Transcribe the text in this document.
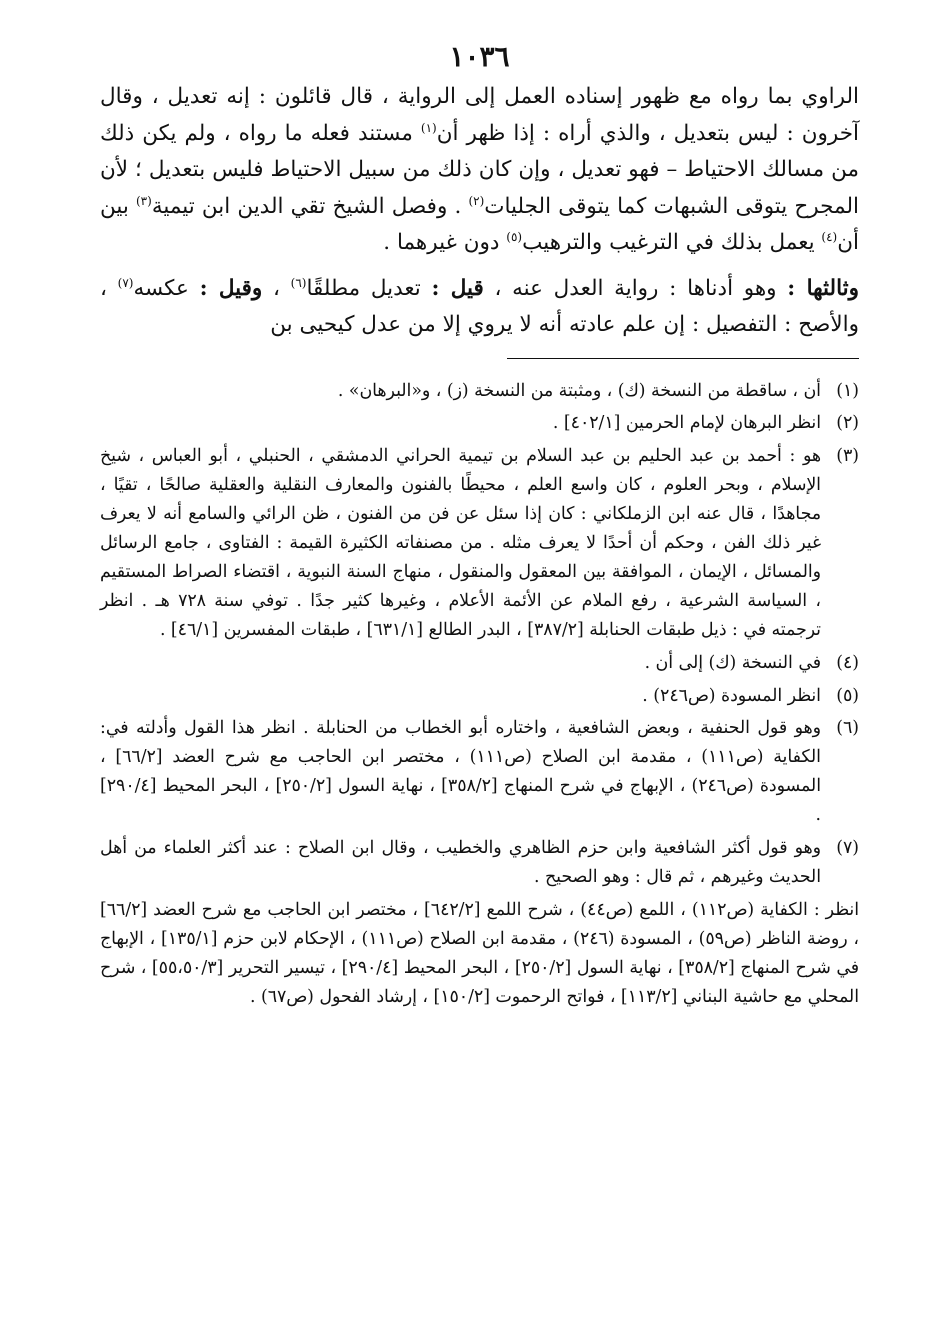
١٠٣٦

الراوي بما رواه مع ظهور إسناده العمل إلى الرواية ، قال قائلون : إنه تعديل ، وقال آخرون : ليس بتعديل ، والذي أراه : إذا ظهر أن$^{(١)}$ مستند فعله ما رواه ، ولم يكن ذلك من مسالك الاحتياط – فهو تعديل ، وإن كان ذلك من سبيل الاحتياط فليس بتعديل ؛ لأن المجرح يتوقى الشبهات كما يتوقى الجليات$^{(٢)}$ . وفصل الشيخ تقي الدين ابن تيمية$^{(٣)}$ بين أن$^{(٤)}$ يعمل بذلك في الترغيب والترهيب$^{(٥)}$ دون غيرهما .

وثالثها : وهو أدناها : رواية العدل عنه ، قيل : تعديل مطلقًا$^{(٦)}$ ، وقيل : عكسه$^{(٧)}$ ، والأصح : التفصيل : إن علم عادته أنه لا يروي إلا من عدل كيحيى بن

(١)أن ، ساقطة من النسخة (ك) ، ومثبتة من النسخة (ز) ، و«البرهان» .
(٢)انظر البرهان لإمام الحرمين [٤٠٢/١] .
(٣)هو : أحمد بن عبد الحليم بن عبد السلام بن تيمية الحراني الدمشقي ، الحنبلي ، أبو العباس ، شيخ الإسلام ، وبحر العلوم ، كان واسع العلم ، محيطًا بالفنون والمعارف النقلية والعقلية صالحًا ، تقيًا ، مجاهدًا ، قال عنه ابن الزملكاني : كان إذا سئل عن فن من الفنون ، ظن الرائي والسامع أنه لا يعرف غير ذلك الفن ، وحكم أن أحدًا لا يعرف مثله . من مصنفاته الكثيرة القيمة : الفتاوى ، جامع الرسائل والمسائل ، الإيمان ، الموافقة بين المعقول والمنقول ، منهاج السنة النبوية ، اقتضاء الصراط المستقيم ، السياسة الشرعية ، رفع الملام عن الأئمة الأعلام ، وغيرها كثير جدًا . توفي سنة ٧٢٨ هـ . انظر ترجمته في : ذيل طبقات الحنابلة [٣٨٧/٢] ، البدر الطالع [٦٣١/١] ، طبقات المفسرين [٤٦/١] .
(٤)في النسخة (ك) إلى أن .
(٥)انظر المسودة (ص٢٤٦) .
(٦)وهو قول الحنفية ، وبعض الشافعية ، واختاره أبو الخطاب من الحنابلة . انظر هذا القول وأدلته في: الكفاية (ص١١١) ، مقدمة ابن الصلاح (ص١١١) ، مختصر ابن الحاجب مع شرح العضد [٦٦/٢] ، المسودة (ص٢٤٦) ، الإبهاج في شرح المنهاج [٣٥٨/٢] ، نهاية السول [٢٥٠/٢] ، البحر المحيط [٢٩٠/٤] .
(٧)وهو قول أكثر الشافعية وابن حزم الظاهري والخطيب ، وقال ابن الصلاح : عند أكثر العلماء من أهل الحديث وغيرهم ، ثم قال : وهو الصحيح .
انظر : الكفاية (ص١١٢) ، اللمع (ص٤٤) ، شرح اللمع [٦٤٢/٢] ، مختصر ابن الحاجب مع شرح العضد [٦٦/٢] ، روضة الناظر (ص٥٩) ، المسودة (٢٤٦) ، مقدمة ابن الصلاح (ص١١١) ، الإحكام لابن حزم [١٣٥/١] ، الإبهاج في شرح المنهاج [٣٥٨/٢] ، نهاية السول [٢٥٠/٢] ، البحر المحيط [٢٩٠/٤] ، تيسير التحرير [٥٥،٥٠/٣] ، شرح المحلي مع حاشية البناني [١١٣/٢] ، فواتح الرحموت [١٥٠/٢] ، إرشاد الفحول (ص٦٧) .
